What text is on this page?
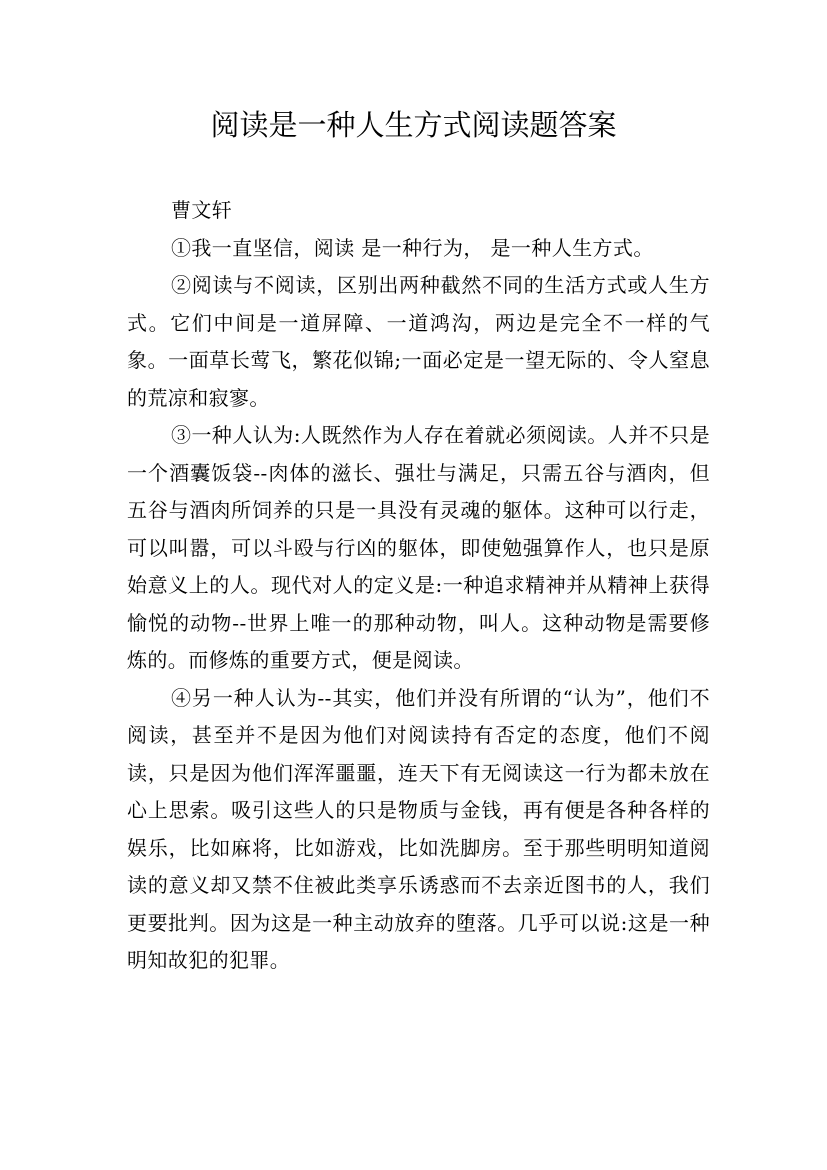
阅读是一种人生方式阅读题答案

曹文轩

①我一直坚信，阅读 是一种行为， 是一种人生方式。

②阅读与不阅读，区别出两种截然不同的生活方式或人生方式。它们中间是一道屏障、一道鸿沟，两边是完全不一样的气象。一面草长莺飞，繁花似锦;一面必定是一望无际的、令人窒息的荒凉和寂寥。

③一种人认为:人既然作为人存在着就必须阅读。人并不只是一个酒囊饭袋--肉体的滋长、强壮与满足，只需五谷与酒肉，但五谷与酒肉所饲养的只是一具没有灵魂的躯体。这种可以行走，可以叫嚣，可以斗殴与行凶的躯体，即使勉强算作人，也只是原始意义上的人。现代对人的定义是:一种追求精神并从精神上获得愉悦的动物--世界上唯一的那种动物，叫人。这种动物是需要修炼的。而修炼的重要方式，便是阅读。

④另一种人认为--其实，他们并没有所谓的“认为”，他们不阅读，甚至并不是因为他们对阅读持有否定的态度，他们不阅读，只是因为他们浑浑噩噩，连天下有无阅读这一行为都未放在心上思索。吸引这些人的只是物质与金钱，再有便是各种各样的娱乐，比如麻将，比如游戏，比如洗脚房。至于那些明明知道阅读的意义却又禁不住被此类享乐诱惑而不去亲近图书的人，我们更要批判。因为这是一种主动放弃的堕落。几乎可以说:这是一种明知故犯的犯罪。
